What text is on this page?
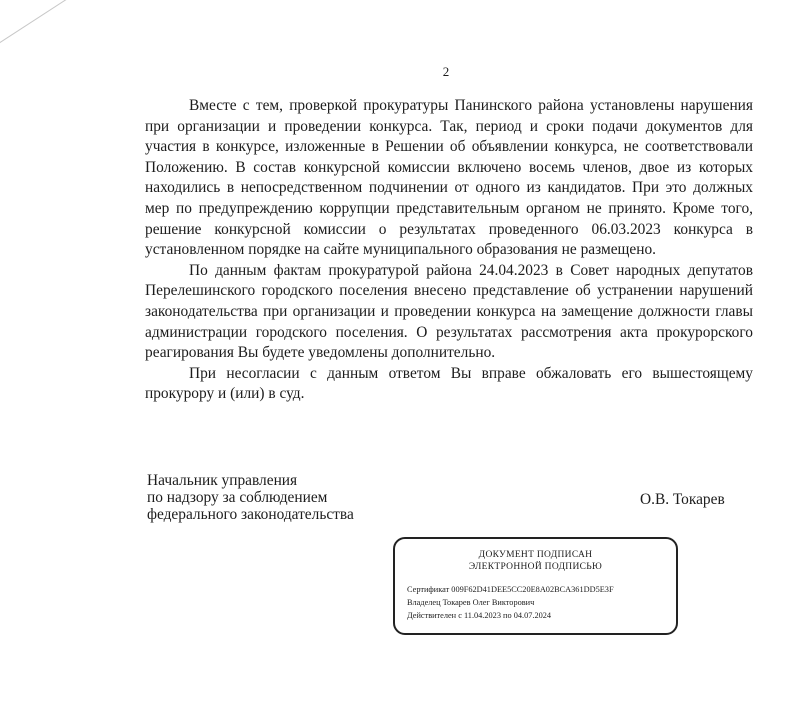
2

Вместе с тем, проверкой прокуратуры Панинского района установлены нарушения при организации и проведении конкурса. Так, период и сроки подачи документов для участия в конкурсе, изложенные в Решении об объявлении конкурса, не соответствовали Положению. В состав конкурсной комиссии включено восемь членов, двое из которых находились в непосредственном подчинении от одного из кандидатов. При это должных мер по предупреждению коррупции представительным органом не принято. Кроме того, решение конкурсной комиссии о результатах проведенного 06.03.2023 конкурса в установленном порядке на сайте муниципального образования не размещено.

По данным фактам прокуратурой района 24.04.2023 в Совет народных депутатов Перелешинского городского поселения внесено представление об устранении нарушений законодательства при организации и проведении конкурса на замещение должности главы администрации городского поселения. О результатах рассмотрения акта прокурорского реагирования Вы будете уведомлены дополнительно.

При несогласии с данным ответом Вы вправе обжаловать его вышестоящему прокурору и (или) в суд.

Начальник управления
по надзору за соблюдением
федерального законодательства
О.В. Токарев
ДОКУМЕНТ ПОДПИСАН
ЭЛЕКТРОННОЙ ПОДПИСЬЮ
Сертификат 009F62D41DEE5CC20E8A02BCA361DD5E3F
Владелец Токарев Олег Викторович
Действителен с 11.04.2023 по 04.07.2024
